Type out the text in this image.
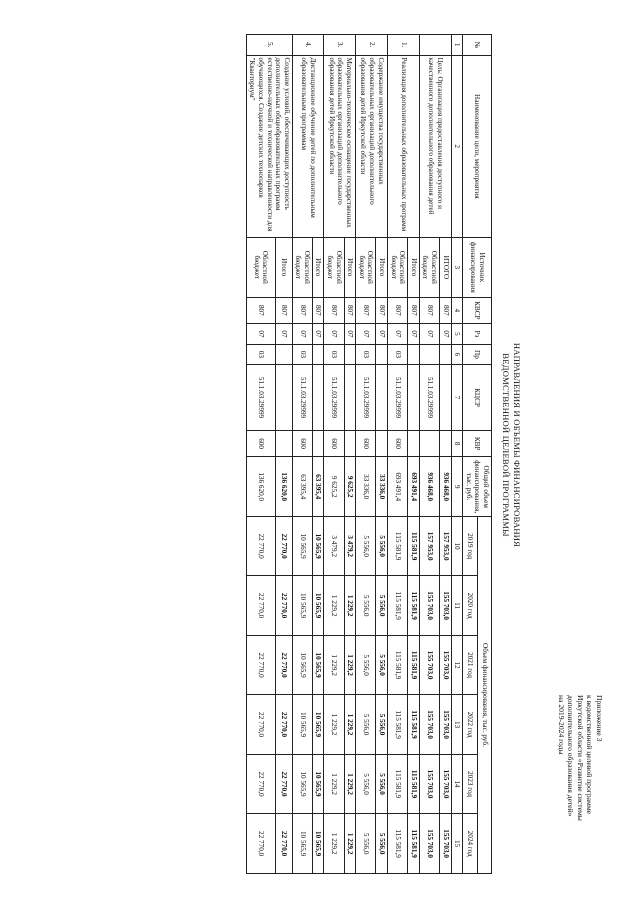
Приложение 3
к ведомственной целевой программе
Иркутской области «Развитие системы
дополнительного образования детей»
на 2019-2024 годы
НАПРАВЛЕНИЯ И ОБЪЕМЫ ФИНАНСИРОВАНИЯ
ВЕДОМСТВЕННОЙ ЦЕЛЕВОЙ ПРОГРАММЫ
№	Наименование цели, мероприятия	Источник финансирования	КВСР	Рз	Пр	КЦСР	КВР	Общий объем финансирования, тыс. руб.	Объем финансирования, тыс. руб.					
									2019 год	2020 год	2021 год	2022 год	2023 год	2024 год
1	2	3	4	5	6	7	8	9	10	11	12	13	14	15
	Цель: Организация предоставления доступного и качественного дополнительного образования детей	ИТОГО	807	07				936 468,0	157 953,0	155 703,0	155 703,0	155 703,0	155 703,0	155 703,0
		Областной бюджет	807	07		51.1.03.29999		936 468,0	157 953,0	155 703,0	155 703,0	155 703,0	155 703,0	155 703,0
1.	Реализация дополнительных образовательных программ	Итого	807	07				693 491,4	115 581,9	115 581,9	115 581,9	115 581,9	115 581,9	115 581,9
		Областной бюджет	807	07	03	51.1.03.29999	600	693 491,4	115 581,9	115 581,9	115 581,9	115 581,9	115 581,9	115 581,9
2.	Содержание имущества государственных образовательных организаций дополнительного образования детей Иркутской области	Итого	807	07				33 336,0	5 556,0	5 556,0	5 556,0	5 556,0	5 556,0	5 556,0
		Областной бюджет	807	07	03	51.1.03.29999	600	33 336,0	5 556,0	5 556,0	5 556,0	5 556,0	5 556,0	5 556,0
3.	Материально-техническое оснащение государственных образовательных организаций дополнительного образования детей Иркутской области	Итого	807	07				9 625,2	3 479,2	1 229,2	1 229,2	1 229,2	1 229,2	1 229,2
		Областной бюджет	807	07	03	51.1.03.29999	600	9 625,2	3 479,2	1 229,2	1 229,2	1 229,2	1 229,2	1 229,2
4.	Дистанционное обучение детей по дополнительным образовательным программам	Итого	807	07				63 395,4	10 565,9	10 565,9	10 565,9	10 565,9	10 565,9	10 565,9
		Областной бюджет	807	07	03	51.1.03.29999	600	63 395,4	10 565,9	10 565,9	10 565,9	10 565,9	10 565,9	10 565,9
5.	Создание условий, обеспечивающих доступность дополнительных общеобразовательных программ естественно-научной и технической направленности для обучающихся. Создание детских технопарков "Кванториум"	Итого	807	07				136 620,0	22 770,0	22 770,0	22 770,0	22 770,0	22 770,0	22 770,0
		Областной бюджет	807	07	03	51.1.03.29999	600	136 620,0	22 770,0	22 770,0	22 770,0	22 770,0	22 770,0	22 770,0
